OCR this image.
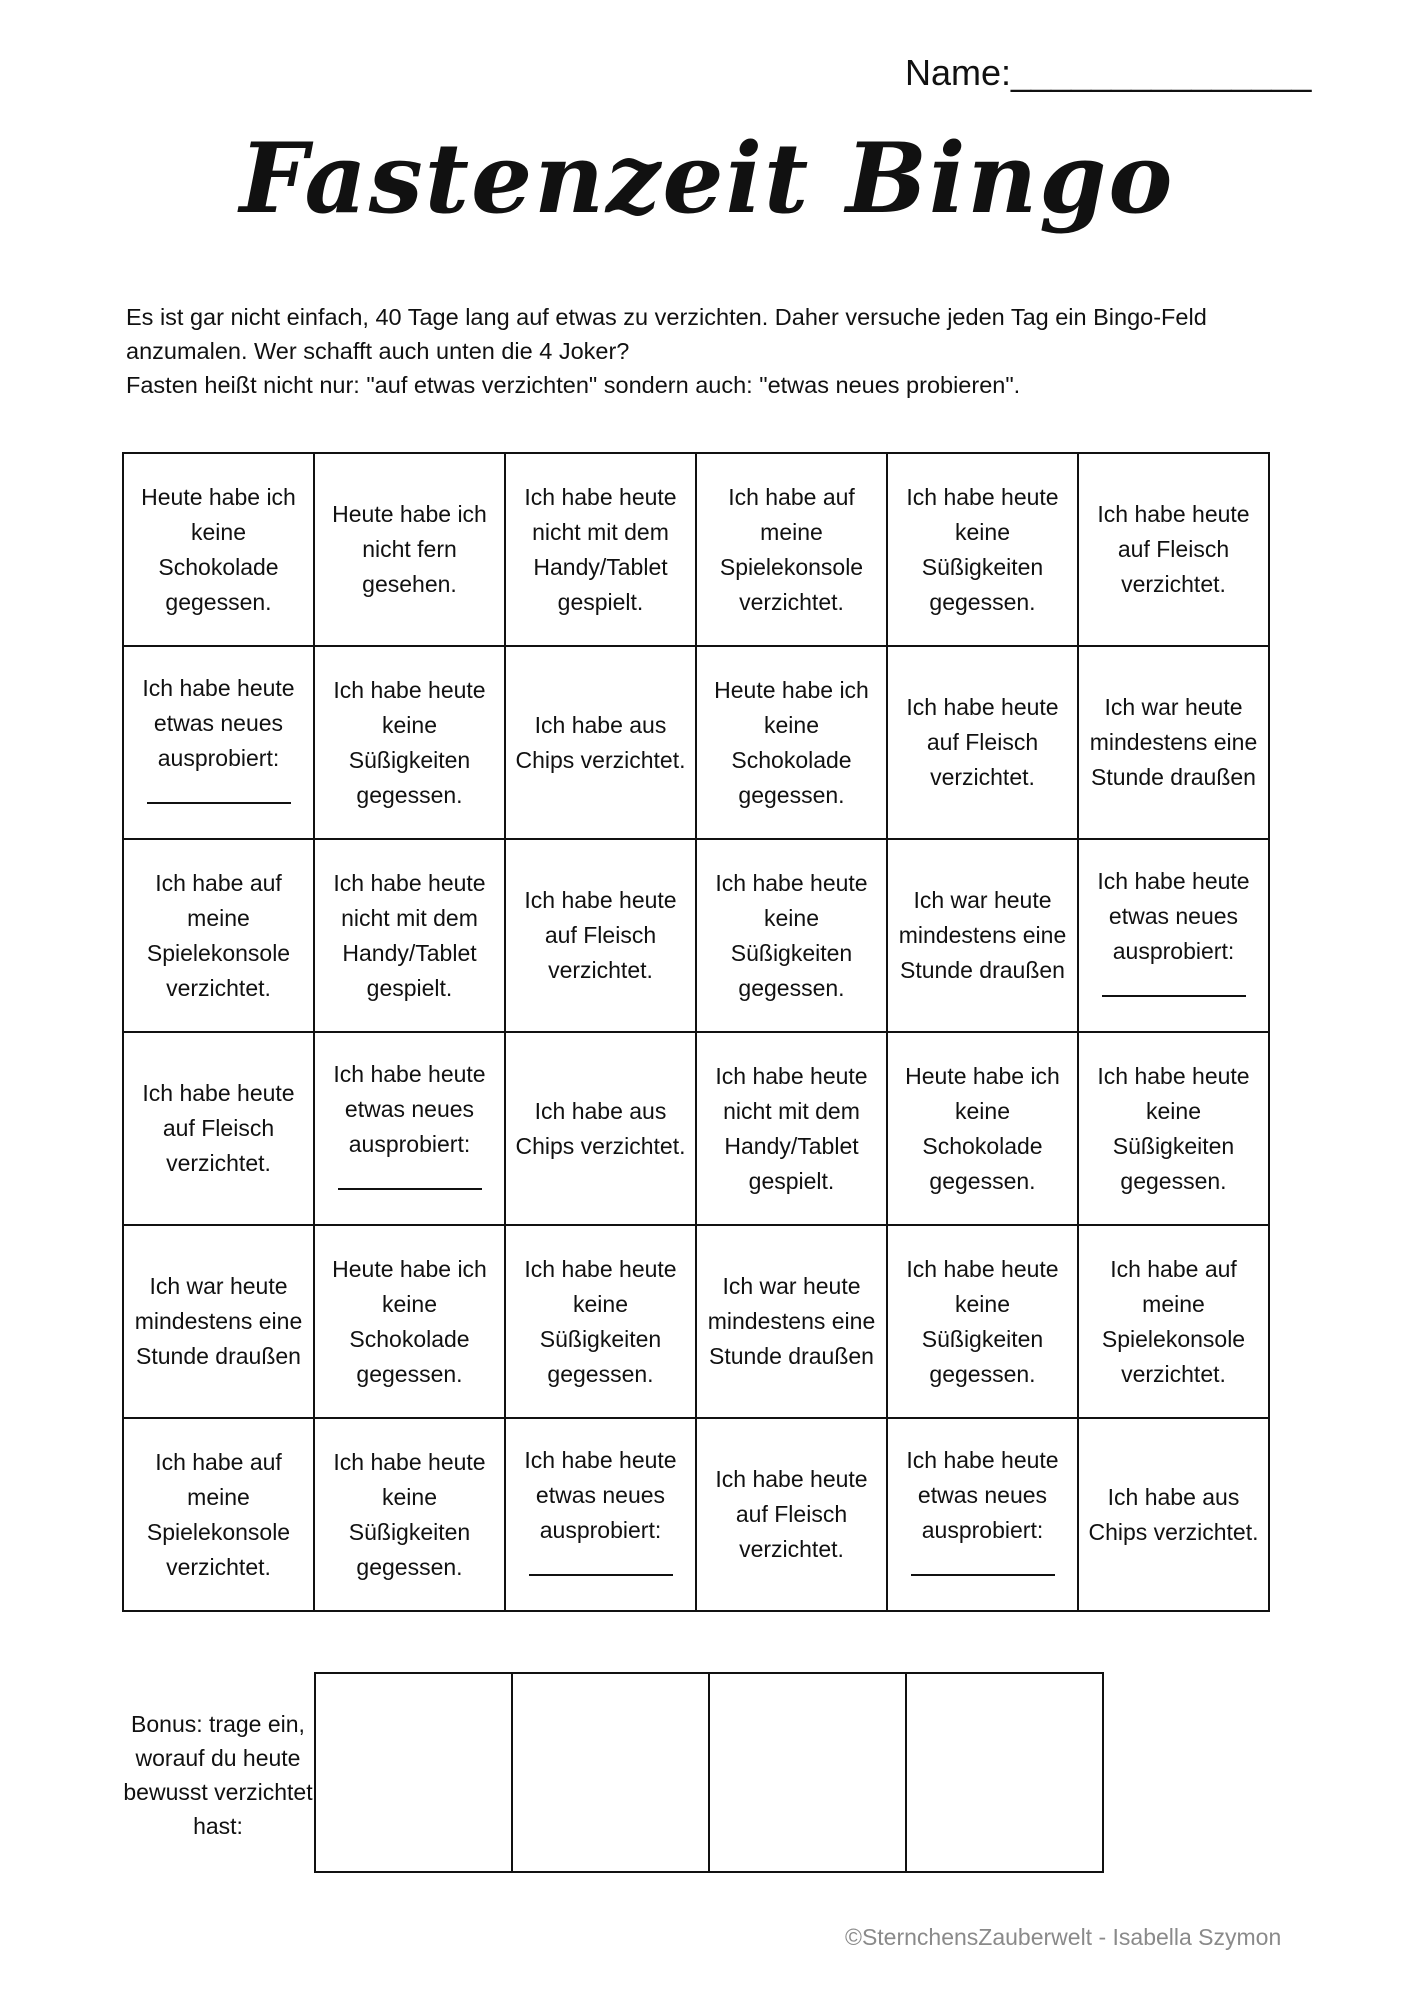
Name:_______________
Fastenzeit Bingo

Es ist gar nicht einfach, 40 Tage lang auf etwas zu verzichten. Daher versuche jeden Tag ein Bingo-Feld

anzumalen. Wer schafft auch unten die 4 Joker?

Fasten heißt nicht nur: "auf etwas verzichten" sondern auch: "etwas neues probieren".

Heute habe ich keine Schokolade gegessen.	Heute habe ich nicht fern gesehen.	Ich habe heute nicht mit dem Handy/Tablet gespielt.	Ich habe auf meine Spielekonsole verzichtet.	Ich habe heute keine Süßigkeiten gegessen.	Ich habe heute auf Fleisch verzichtet.
Ich habe heute etwas neues ausprobiert:	Ich habe heute keine Süßigkeiten gegessen.	Ich habe aus Chips verzichtet.	Heute habe ich keine Schokolade gegessen.	Ich habe heute auf Fleisch verzichtet.	Ich war heute mindestens eine Stunde draußen
Ich habe auf meine Spielekonsole verzichtet.	Ich habe heute nicht mit dem Handy/Tablet gespielt.	Ich habe heute auf Fleisch verzichtet.	Ich habe heute keine Süßigkeiten gegessen.	Ich war heute mindestens eine Stunde draußen	Ich habe heute etwas neues ausprobiert:

Ich habe heute auf Fleisch verzichtet.	Ich habe heute etwas neues ausprobiert:	Ich habe aus Chips verzichtet.	Ich habe heute nicht mit dem Handy/Tablet gespielt.	Heute habe ich keine Schokolade gegessen.	Ich habe heute keine Süßigkeiten gegessen.
Ich war heute mindestens eine Stunde draußen	Heute habe ich keine Schokolade gegessen.	Ich habe heute keine Süßigkeiten gegessen.	Ich war heute mindestens eine Stunde draußen	Ich habe heute keine Süßigkeiten gegessen.	Ich habe auf meine Spielekonsole verzichtet.
Ich habe auf meine Spielekonsole verzichtet.	Ich habe heute keine Süßigkeiten gegessen.	Ich habe heute etwas neues ausprobiert:	Ich habe heute auf Fleisch verzichtet.	Ich habe heute etwas neues ausprobiert:	Ich habe aus Chips verzichtet.
Bonus: trage ein, worauf du heute bewusst verzichtet hast:

©SternchensZauberwelt - Isabella Szymon
